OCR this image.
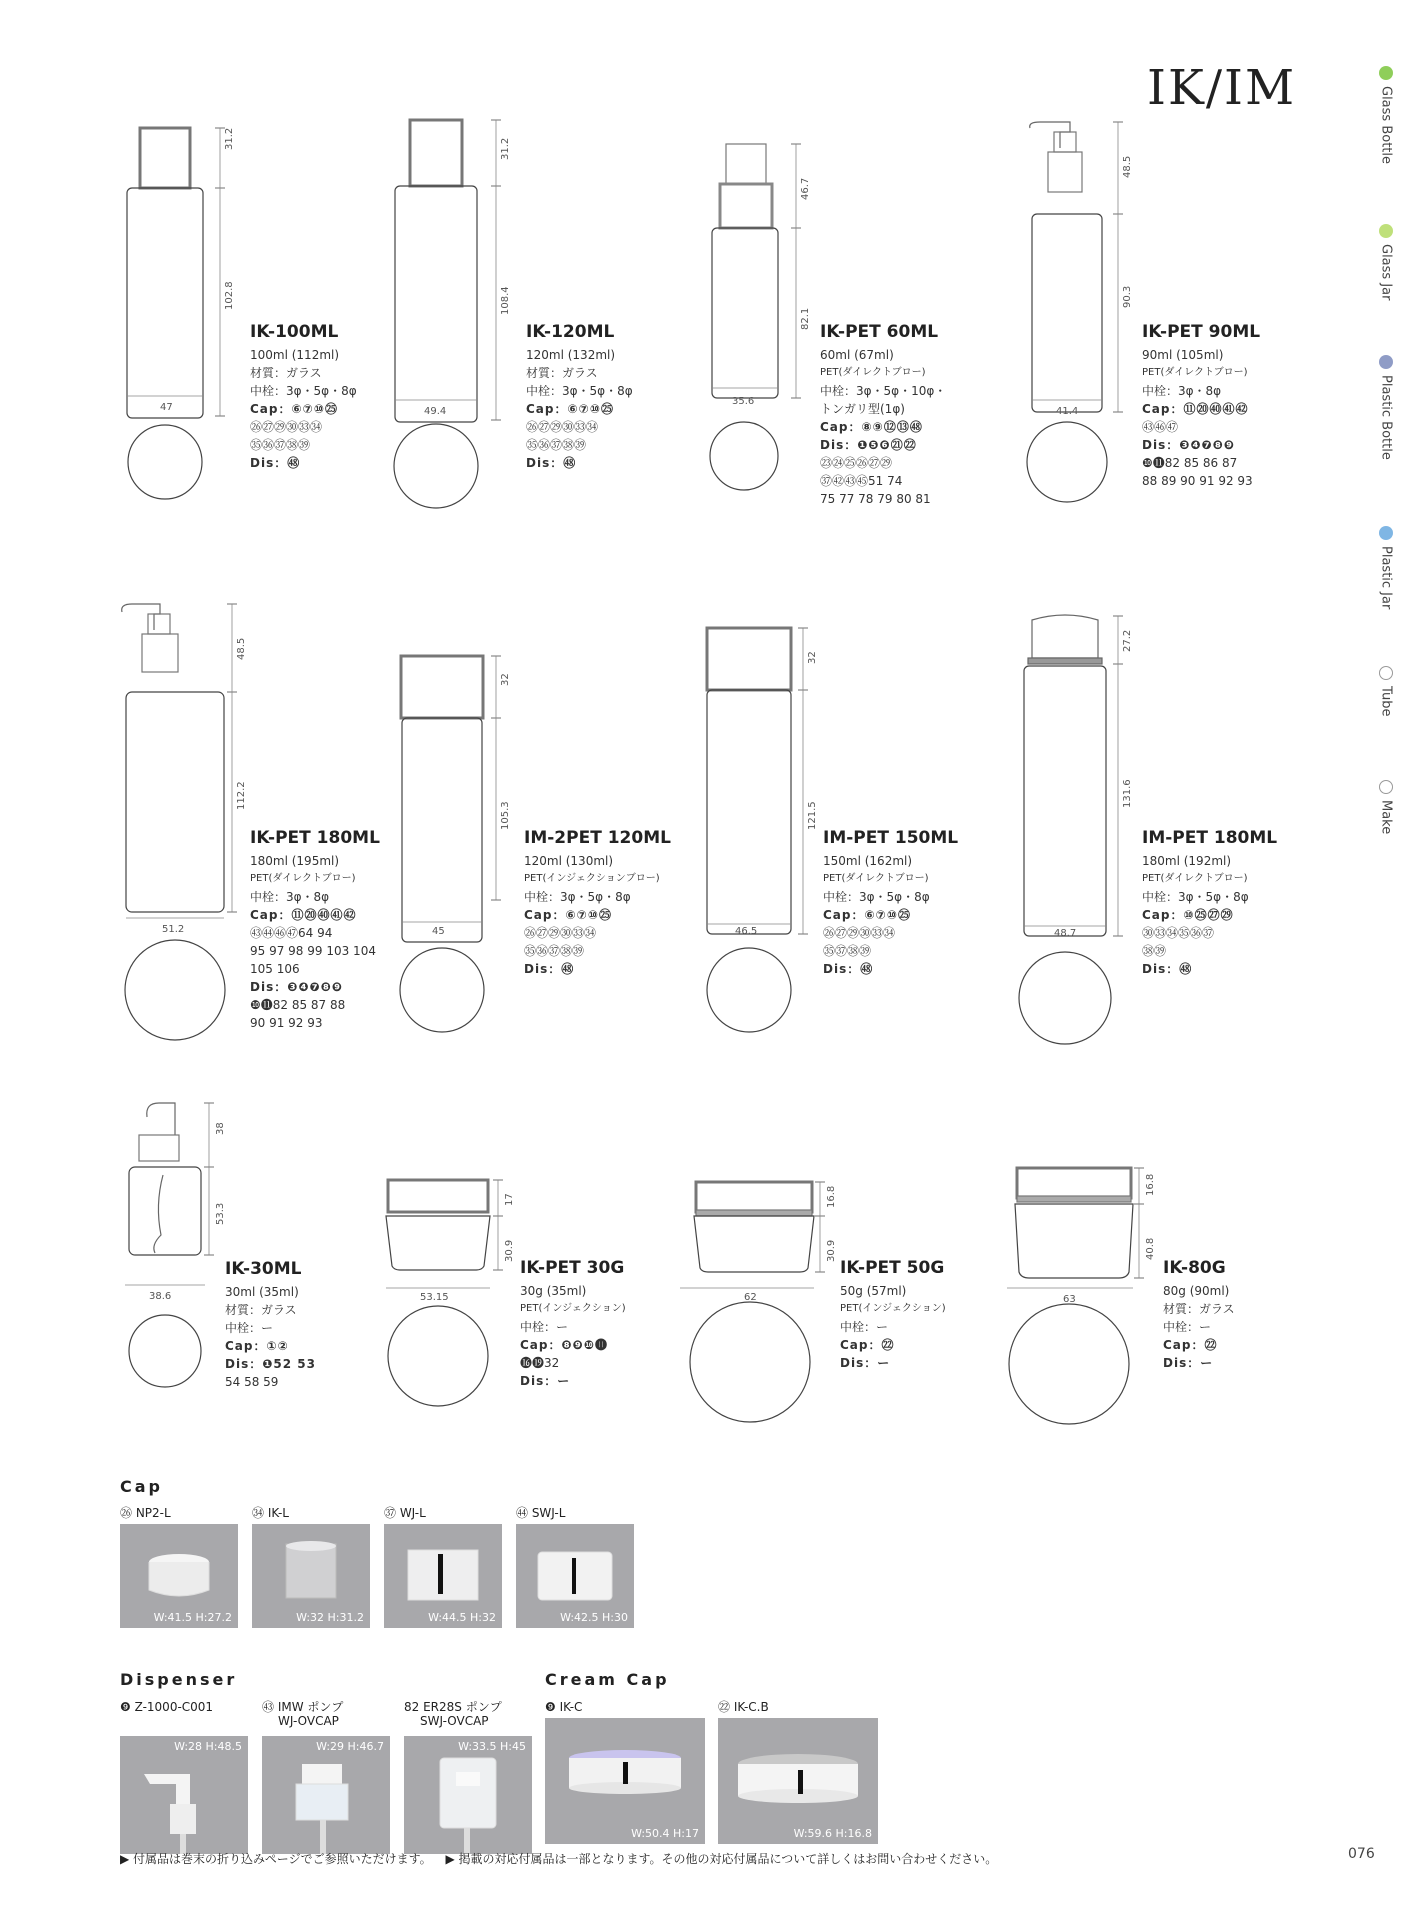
IK/IM	Glass Bottle
Glass Jar
Plastic Bottle
Plastic Jar
Tube
Make
31.2
102.8
47
IK-100ML
100ml (112ml)
材質：ガラス
中栓：3φ・5φ・8φ
Cap：⑥⑦⑩㉕
㉖㉗㉙㉚㉝㉞
㉟㊱㊲㊳㊴
Dis：㊽
31.2
108.4
49.4
IK-120ML
120ml (132ml)
材質：ガラス
中栓：3φ・5φ・8φ
Cap：⑥⑦⑩㉕
㉖㉗㉙㉚㉝㉞
㉟㊱㊲㊳㊴
Dis：㊽
46.7
82.1
35.6
IK-PET 60ML
60ml (67ml)
PET(ダイレクトブロー)
中栓：3φ・5φ・10φ・
トンガリ型(1φ)
Cap：⑧⑨⑫⑬㊽
Dis：❶❺❻㉑㉒
㉓㉔㉕㉖㉗㉙
㊲㊷㊸㊺51 74
75 77 78 79 80 81
48.5
90.3
41.4
IK-PET 90ML
90ml (105ml)
PET(ダイレクトブロー)
中栓：3φ・8φ
Cap：⑪⑳㊵㊶㊷
㊸㊻㊼
Dis：❸❹❼❽❾
❿⓫82 85 86 87
88 89 90 91 92 93
48.5
112.2
51.2
IK-PET 180ML
180ml (195ml)
PET(ダイレクトブロー)
中栓：3φ・8φ
Cap：⑪⑳㊵㊶㊷
㊸㊹㊻㊼64 94
95 97 98 99 103 104
105 106
Dis：❸❹❼❽❾
❿⓫82 85 87 88
90 91 92 93
32
105.3
45
IM-2PET 120ML
120ml (130ml)
PET(インジェクションブロー)
中栓：3φ・5φ・8φ
Cap：⑥⑦⑩㉕
㉖㉗㉙㉚㉝㉞
㉟㊱㊲㊳㊴
Dis：㊽
32
121.5
46.5
IM-PET 150ML
150ml (162ml)
PET(ダイレクトブロー)
中栓：3φ・5φ・8φ
Cap：⑥⑦⑩㉕
㉖㉗㉙㉚㉝㉞
㉟㊲㊳㊴
Dis：㊽
27.2
131.6
48.7
IM-PET 180ML
180ml (192ml)
PET(ダイレクトブロー)
中栓：3φ・5φ・8φ
Cap：⑩㉕㉗㉙
㉚㉝㉞㉟㊱㊲
㊳㊴
Dis：㊽
38
53.3
38.6
IK-30ML
30ml (35ml)
材質：ガラス
中栓：ー
Cap：①②
Dis：❶52 53
54 58 59
17
30.9
53.15
IK-PET 30G
30g (35ml)
PET(インジェクション)
中栓：ー
Cap：❽❾❿⓫
⓰⓳32
Dis：ー
16.8
30.9
62
IK-PET 50G
50g (57ml)
PET(インジェクション)
中栓：ー
Cap：㉒
Dis：ー
16.8
40.8
63
IK-80G
80g (90ml)
材質：ガラス
中栓：ー
Cap：㉒
Dis：ー
Cap
㉖ NP2-L
W:41.5 H:27.2
㉞ IK-L
W:32 H:31.2
㊲ WJ-L
W:44.5 H:32
㊹ SWJ-L
W:42.5 H:30
Dispenser
❾ Z-1000-C001
W:28 H:48.5
㊸ IMW ポンプ
WJ-OVCAP
W:29 H:46.7
82 ER28S ポンプ
SWJ-OVCAP
W:33.5 H:45
Cream Cap
❾ IK-C
W:50.4 H:17
㉒ IK-C.B
W:59.6 H:16.8
▶ 付属品は巻末の折り込みページでご参照いただけます。 ▶ 掲載の対応付属品は一部となります。その他の対応付属品について詳しくはお問い合わせください。	076
